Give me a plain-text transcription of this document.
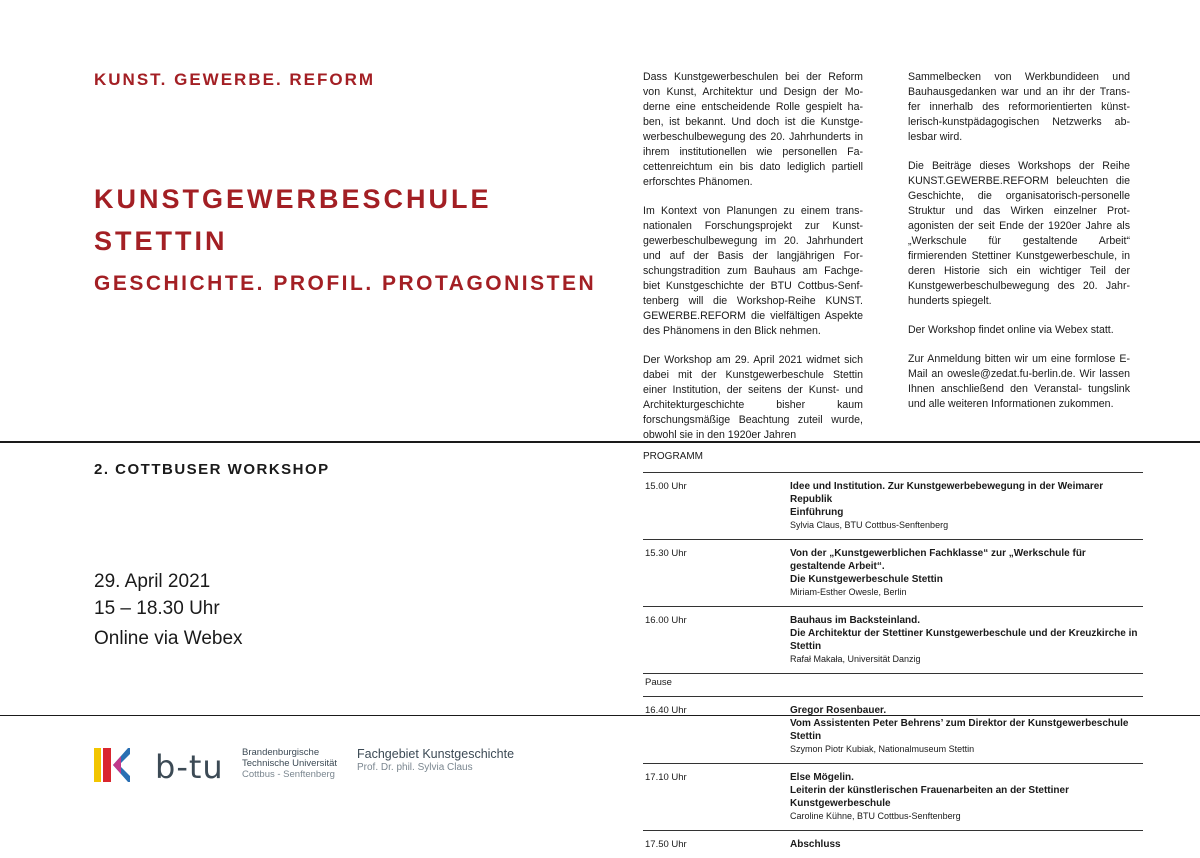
KUNST. GEWERBE. REFORM
KUNSTGEWERBESCHULE
STETTIN
GESCHICHTE. PROFIL. PROTAGONISTEN

Dass Kunstgewerbeschulen bei der Reform von Kunst, Architektur und Design der Mo- derne eine entscheidende Rolle gespielt ha- ben, ist bekannt. Und doch ist die Kunstge- werbeschulbewegung des 20. Jahrhunderts in ihrem institutionellen wie personellen Fa- cettenreichtum ein bis dato lediglich partiell erforschtes Phänomen.

Im Kontext von Planungen zu einem trans- nationalen Forschungsprojekt zur Kunst- gewerbeschulbewegung im 20. Jahrhundert und auf der Basis der langjährigen For- schungstradition zum Bauhaus am Fachge- biet Kunstgeschichte der BTU Cottbus-Senf- tenberg will die Workshop-Reihe KUNST. GEWERBE.REFORM die vielfältigen Aspekte des Phänomens in den Blick nehmen.

Der Workshop am 29. April 2021 widmet sich dabei mit der Kunstgewerbeschule Stettin einer Institution, der seitens der Kunst- und Architekturgeschichte bisher kaum forschungsmäßige Beachtung zuteil wurde, obwohl sie in den 1920er Jahren

Sammelbecken von Werkbundideen und Bauhausgedanken war und an ihr der Trans- fer innerhalb des reformorientierten künst- lerisch-kunstpädagogischen Netzwerks ab- lesbar wird.

Die Beiträge dieses Workshops der Reihe KUNST.GEWERBE.REFORM beleuchten die Geschichte, die organisatorisch-personelle Struktur und das Wirken einzelner Prot- agonisten der seit Ende der 1920er Jahre als „Werkschule für gestaltende Arbeit“ firmierenden Stettiner Kunstgewerbeschule, in deren Historie sich ein wichtiger Teil der Kunstgewerbeschulbewegung des 20. Jahr- hunderts spiegelt.

Der Workshop findet online via Webex statt.

Zur Anmeldung bitten wir um eine formlose E-Mail an owesle@zedat.fu-berlin.de. Wir lassen Ihnen anschließend den Veranstal- tungslink und alle weiteren Informationen zukommen.

2. COTTBUSER WORKSHOP
29. April 2021
15 – 18.30 Uhr
Online via Webex
PROGRAMM
15.00 Uhr	Idee und Institution. Zur Kunstgewerbebewegung in der Weimarer Republik
Einführung
Sylvia Claus, BTU Cottbus-Senftenberg
15.30 Uhr	Von der „Kunstgewerblichen Fachklasse“ zur „Werkschule für gestaltende Arbeit“.
Die Kunstgewerbeschule Stettin
Miriam-Esther Owesle, Berlin
16.00 Uhr	Bauhaus im Backsteinland.
Die Architektur der Stettiner Kunstgewerbeschule und der Kreuzkirche in Stettin
Rafał Makała, Universität Danzig
Pause
16.40 Uhr	Gregor Rosenbauer.
Vom Assistenten Peter Behrens’ zum Direktor der Kunstgewerbeschule Stettin
Szymon Piotr Kubiak, Nationalmuseum Stettin
17.10 Uhr	Else Mögelin.
Leiterin der künstlerischen Frauenarbeiten an der Stettiner Kunstgewerbeschule
Caroline Kühne, BTU Cottbus-Senftenberg
17.50 Uhr	Abschluss
b-tu Brandenburgische
Technische Universität
Cottbus - Senftenberg
Fachgebiet Kunstgeschichte
Prof. Dr. phil. Sylvia Claus
